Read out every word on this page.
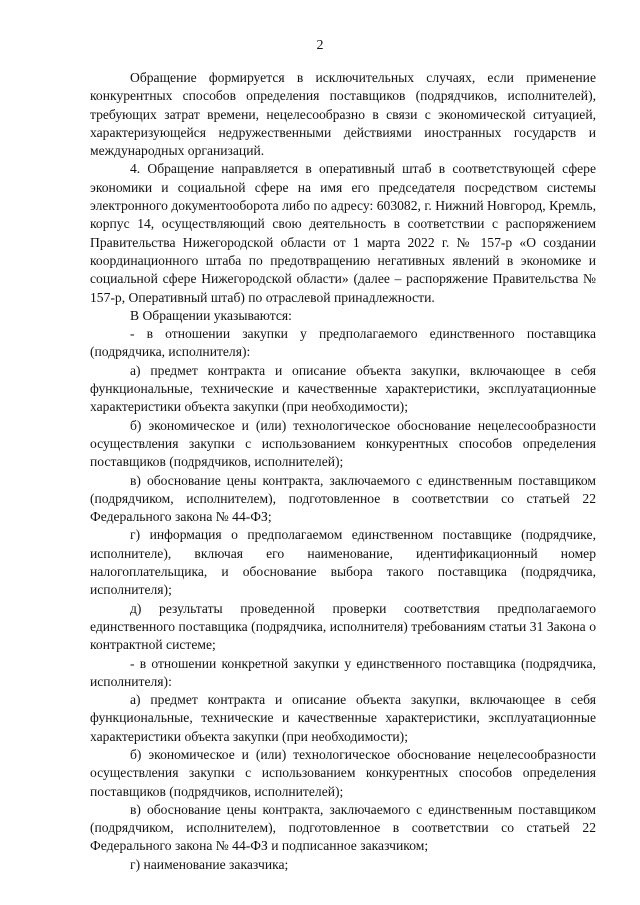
2

Обращение формируется в исключительных случаях, если применение конкурентных способов определения поставщиков (подрядчиков, исполнителей), требующих затрат времени, нецелесообразно в связи с экономической ситуацией, характеризующейся недружественными действиями иностранных государств и международных организаций.

4. Обращение направляется в оперативный штаб в соответствующей сфере экономики и социальной сфере на имя его председателя посредством системы электронного документооборота либо по адресу: 603082, г. Нижний Новгород, Кремль, корпус 14, осуществляющий свою деятельность в соответствии с распоряжением Правительства Нижегородской области от 1 марта 2022 г. № 157-р «О создании координационного штаба по предотвращению негативных явлений в экономике и социальной сфере Нижегородской области» (далее – распоряжение Правительства № 157-р, Оперативный штаб) по отраслевой принадлежности.

В Обращении указываются:

- в отношении закупки у предполагаемого единственного поставщика (подрядчика, исполнителя):

а) предмет контракта и описание объекта закупки, включающее в себя функциональные, технические и качественные характеристики, эксплуатационные характеристики объекта закупки (при необходимости);

б) экономическое и (или) технологическое обоснование нецелесообразности осуществления закупки с использованием конкурентных способов определения поставщиков (подрядчиков, исполнителей);

в) обоснование цены контракта, заключаемого с единственным поставщиком (подрядчиком, исполнителем), подготовленное в соответствии со статьей 22 Федерального закона № 44-ФЗ;

г) информация о предполагаемом единственном поставщике (подрядчике, исполнителе), включая его наименование, идентификационный номер налогоплательщика, и обоснование выбора такого поставщика (подрядчика, исполнителя);

д) результаты проведенной проверки соответствия предполагаемого единственного поставщика (подрядчика, исполнителя) требованиям статьи 31 Закона о контрактной системе;

- в отношении конкретной закупки у единственного поставщика (подрядчика, исполнителя):

а) предмет контракта и описание объекта закупки, включающее в себя функциональные, технические и качественные характеристики, эксплуатационные характеристики объекта закупки (при необходимости);

б) экономическое и (или) технологическое обоснование нецелесообразности осуществления закупки с использованием конкурентных способов определения поставщиков (подрядчиков, исполнителей);

в) обоснование цены контракта, заключаемого с единственным поставщиком (подрядчиком, исполнителем), подготовленное в соответствии со статьей 22 Федерального закона № 44-ФЗ и подписанное заказчиком;

г) наименование заказчика;
